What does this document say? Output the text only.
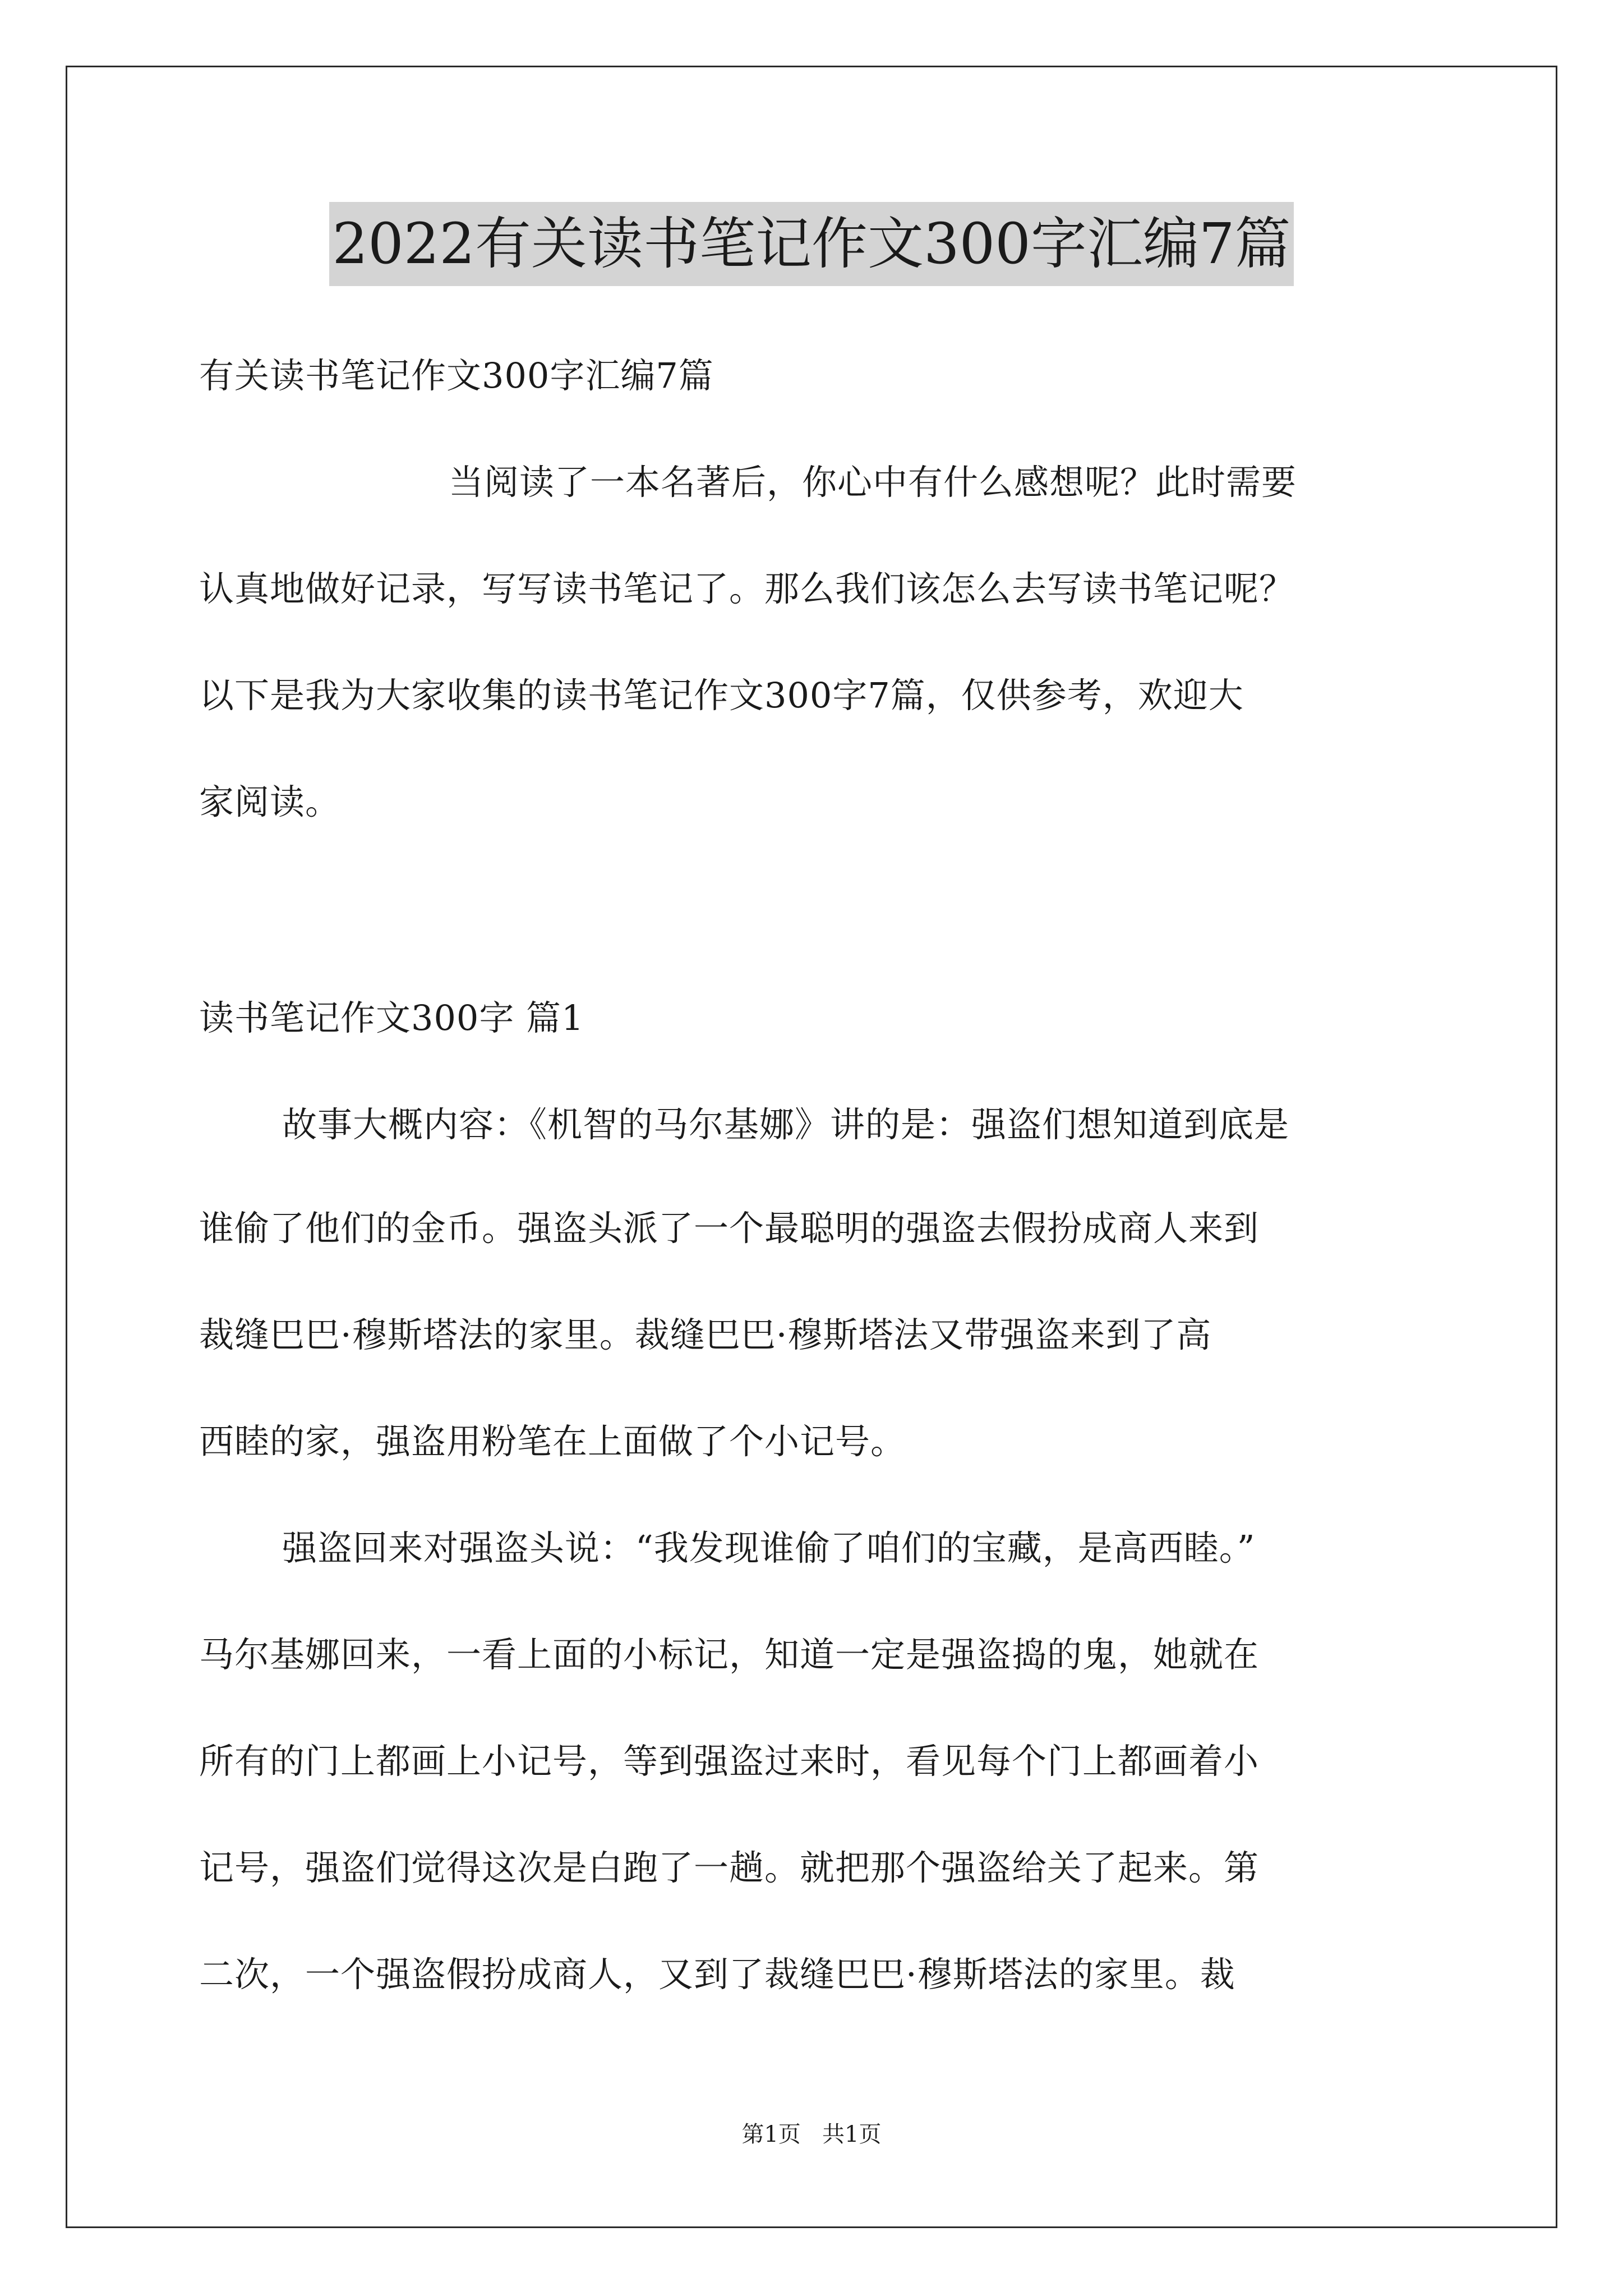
2022有关读书笔记作文300字汇编7篇
有关读书笔记作文300字汇编7篇
当阅读了一本名著后，你心中有什么感想呢？此时需要
认真地做好记录，写写读书笔记了。那么我们该怎么去写读书笔记呢？
以下是我为大家收集的读书笔记作文300字7篇，仅供参考，欢迎大
家阅读。
读书笔记作文300字 篇1
故事大概内容：《机智的马尔基娜》讲的是：强盗们想知道到底是
谁偷了他们的金币。强盗头派了一个最聪明的强盗去假扮成商人来到
裁缝巴巴·穆斯塔法的家里。裁缝巴巴·穆斯塔法又带强盗来到了高
西睦的家，强盗用粉笔在上面做了个小记号。
强盗回来对强盗头说：“我发现谁偷了咱们的宝藏，是高西睦。”
马尔基娜回来，一看上面的小标记，知道一定是强盗捣的鬼，她就在
所有的门上都画上小记号，等到强盗过来时，看见每个门上都画着小
记号，强盗们觉得这次是白跑了一趟。就把那个强盗给关了起来。第
二次，一个强盗假扮成商人，又到了裁缝巴巴·穆斯塔法的家里。裁
第1页   共1页
